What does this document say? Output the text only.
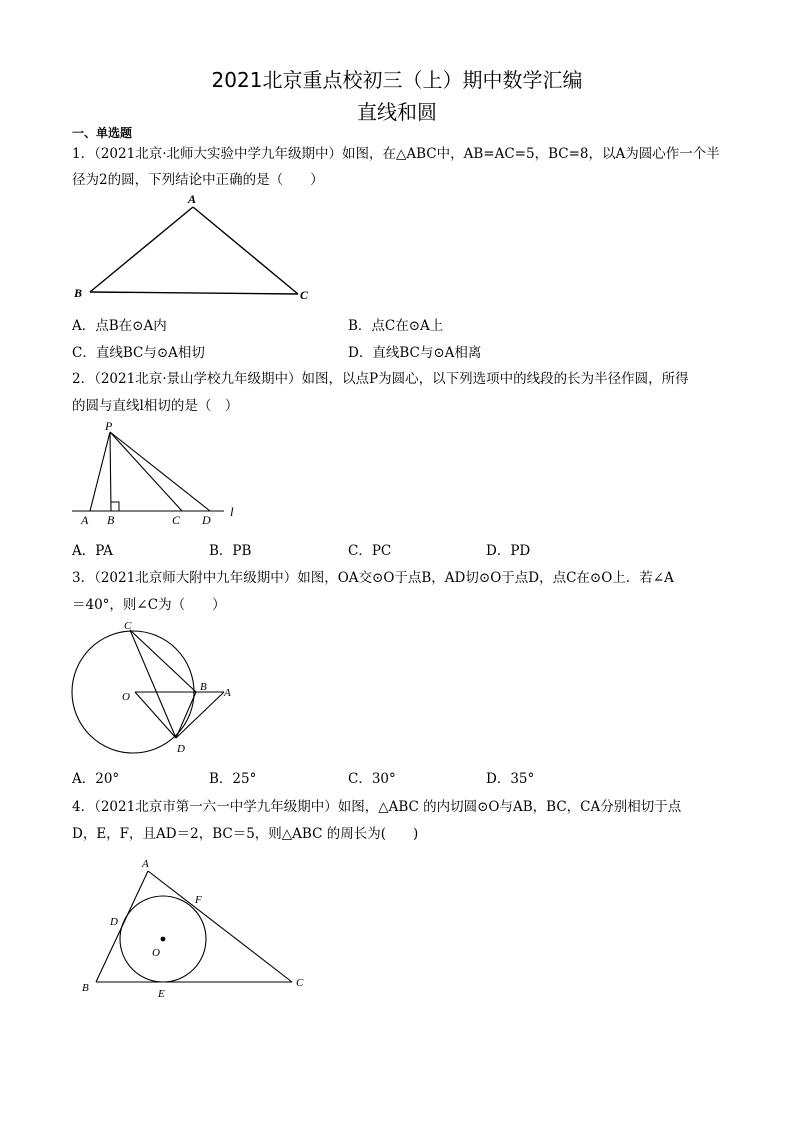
2021北京重点校初三（上）期中数学汇编
直线和圆
一、单选题
1．（2021北京·北师大实验中学九年级期中）如图，在△ABC中，AB=AC=5，BC=8，以A为圆心作一个半
径为2的圆，下列结论中正确的是（　　）
A
B	C
A．点B在⊙A内	B．点C在⊙A上
C．直线BC与⊙A相切	D．直线BC与⊙A相离
2．（2021北京·景山学校九年级期中）如图，以点P为圆心，以下列选项中的线段的长为半径作圆，所得
的圆与直线l相切的是（　）
P
A B	C D
l
A．PA	B．PB	C．PC	D．PD
3．（2021北京师大附中九年级期中）如图，OA交⊙O于点B，AD切⊙O于点D，点C在⊙O上．若∠A
＝40°，则∠C为（　　）
C
O
B A
D
A．20°	B．25°	C．30°	D．35°
4．（2021北京市第一六一中学九年级期中）如图，△ABC 的内切圆⊙O与AB，BC，CA分别相切于点
D，E，F，且AD＝2，BC＝5，则△ABC 的周长为(　　)
A
F
D
O
B	E
C
